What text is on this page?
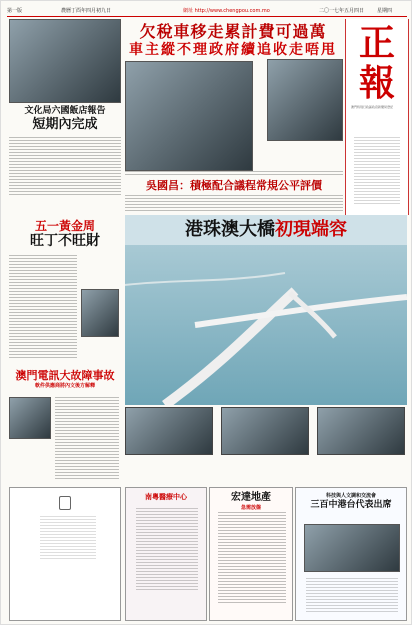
第一版	農曆丁酉年四月初九日	網址 http://www.chengpou.com.mo	二〇一七年五月四日	星期四
欠稅車移走累計費可過萬
車主縱不理政府續追收走唔甩
文化局六國飯店報告
短期內完成
吳國昌：積極配合議程常規公平評價
正報
澳門特別行政區政府新聞局登記
五一黃金周
旺丁不旺財
港珠澳大橋初現端容
澳門電訊大故障事故
軟件供應商將內文後方解釋
南粵醫療中心	宏達地產
急需放盤
科技與人文調和交流會
三百中港台代表出席
